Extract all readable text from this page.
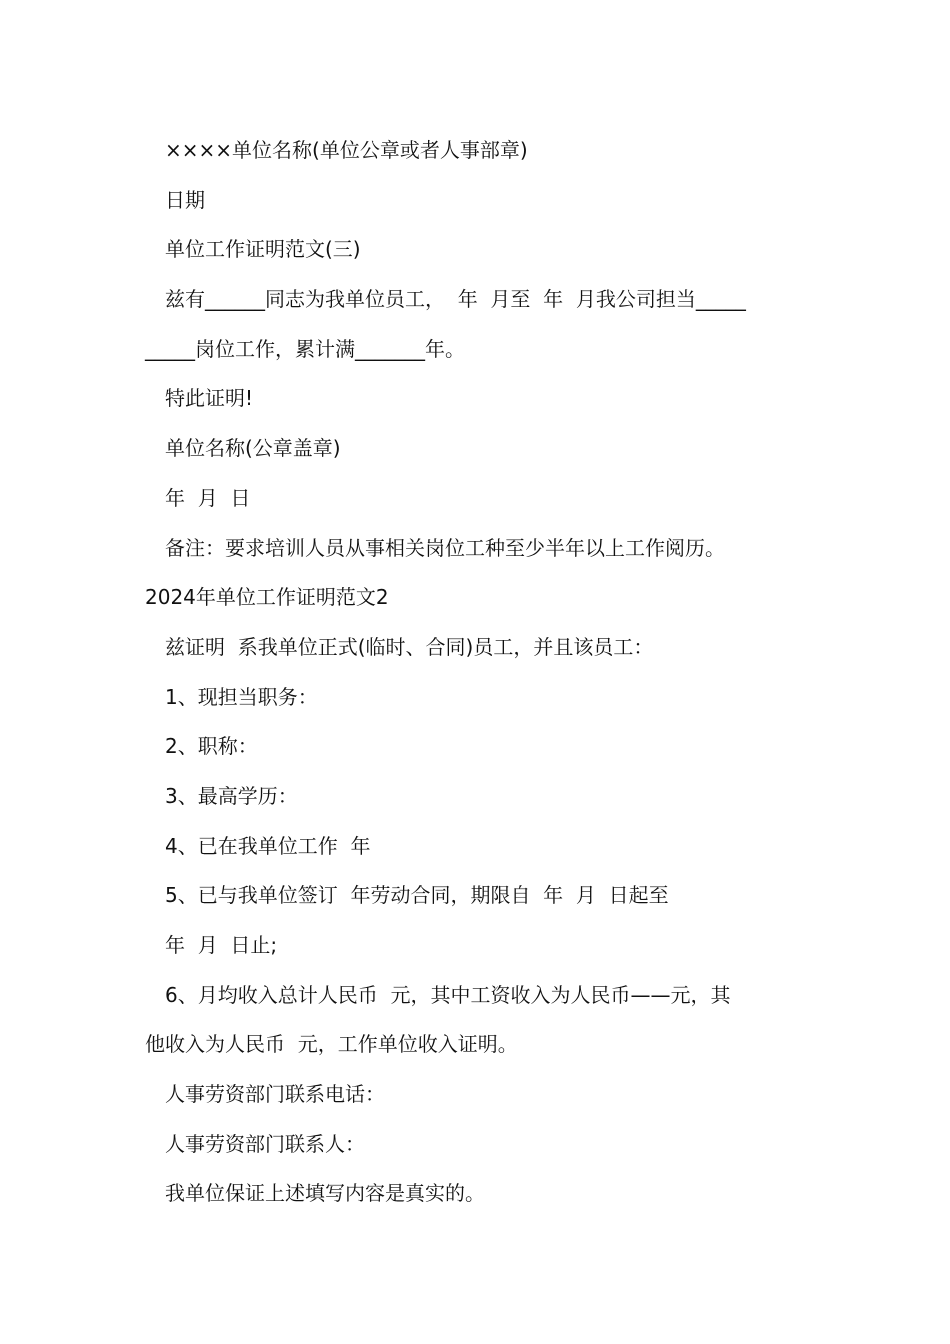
××××单位名称(单位公章或者人事部章)

日期

单位工作证明范文(三)

兹有______同志为我单位员工，  年  月至  年  月我公司担当_____

_____岗位工作，累计满_______年。

特此证明!

单位名称(公章盖章)

年  月  日

备注：要求培训人员从事相关岗位工种至少半年以上工作阅历。

2024年单位工作证明范文2

兹证明  系我单位正式(临时、合同)员工，并且该员工：

1、现担当职务：

2、职称：

3、最高学历：

4、已在我单位工作  年

5、已与我单位签订  年劳动合同，期限自  年  月  日起至

年  月  日止;

6、月均收入总计人民币  元，其中工资收入为人民币——元，其

他收入为人民币  元，工作单位收入证明。

人事劳资部门联系电话：

人事劳资部门联系人：

我单位保证上述填写内容是真实的。
